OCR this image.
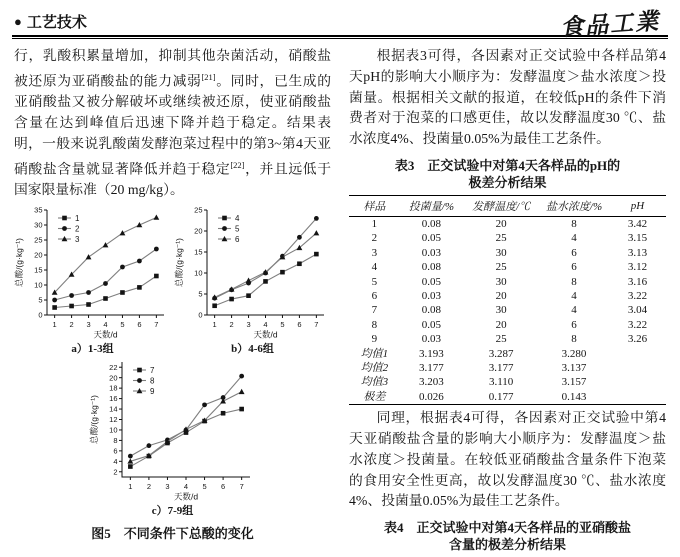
● 工艺技术	食品工業

行，乳酸积累量增加，抑制其他杂菌活动，硝酸盐被还原为亚硝酸盐的能力减弱[21]。同时，已生成的亚硝酸盐又被分解破坏或继续被还原，使亚硝酸盐含量在达到峰值后迅速下降并趋于稳定。结果表明，一般来说乳酸菌发酵泡菜过程中的第3~第4天亚硝酸盐含量就显著降低并趋于稳定[22]，并且远低于国家限量标准（20 mg/kg）。

0
5
10
15
20
25
30
35
1 2 3 4 5 6 7
天数/d
总酸/(g·kg⁻¹)
1
2
3
a）1-3组
0
5
10
15
20
25
1 2 3 4 5 6 7
天数/d
总酸/(g·kg⁻¹)
4
5
6
b）4-6组
2
4
6
8
10
12
14
16
18
20
22
1 2 3 4 5 6 7
天数/d
总酸/(g·kg⁻¹)
7
8
9
c）7-9组
图5　不同条件下总酸的变化

根据表3可得，各因素对正交试验中各样品第4天pH的影响大小顺序为：发酵温度＞盐水浓度＞投菌量。根据相关文献的报道，在较低pH的条件下消费者对于泡菜的口感更佳，故以发酵温度30 ℃、盐水浓度4%、投菌量0.05%为最佳工艺条件。

表3　正交试验中对第4天各样品的pH的
极差分析结果
样品	投菌量/%	发酵温度/℃	盐水浓度/%	pH
1	0.08	20	8	3.42
2	0.05	25	4	3.15
3	0.03	30	6	3.13
4	0.08	25	6	3.12
5	0.05	30	8	3.16
6	0.03	20	4	3.22
7	0.08	30	4	3.04
8	0.05	20	6	3.22
9	0.03	25	8	3.26
均值1	3.193	3.287	3.280	
均值2	3.177	3.177	3.137	
均值3	3.203	3.110	3.157	
极差	0.026	0.177	0.143	

同理，根据表4可得，各因素对正交试验中第4天亚硝酸盐含量的影响大小顺序为：发酵温度＞盐水浓度＞投菌量。在较低亚硝酸盐含量条件下泡菜的食用安全性更高，故以发酵温度30 ℃、盐水浓度4%、投菌量0.05%为最佳工艺条件。

表4　正交试验中对第4天各样品的亚硝酸盐
含量的极差分析结果
